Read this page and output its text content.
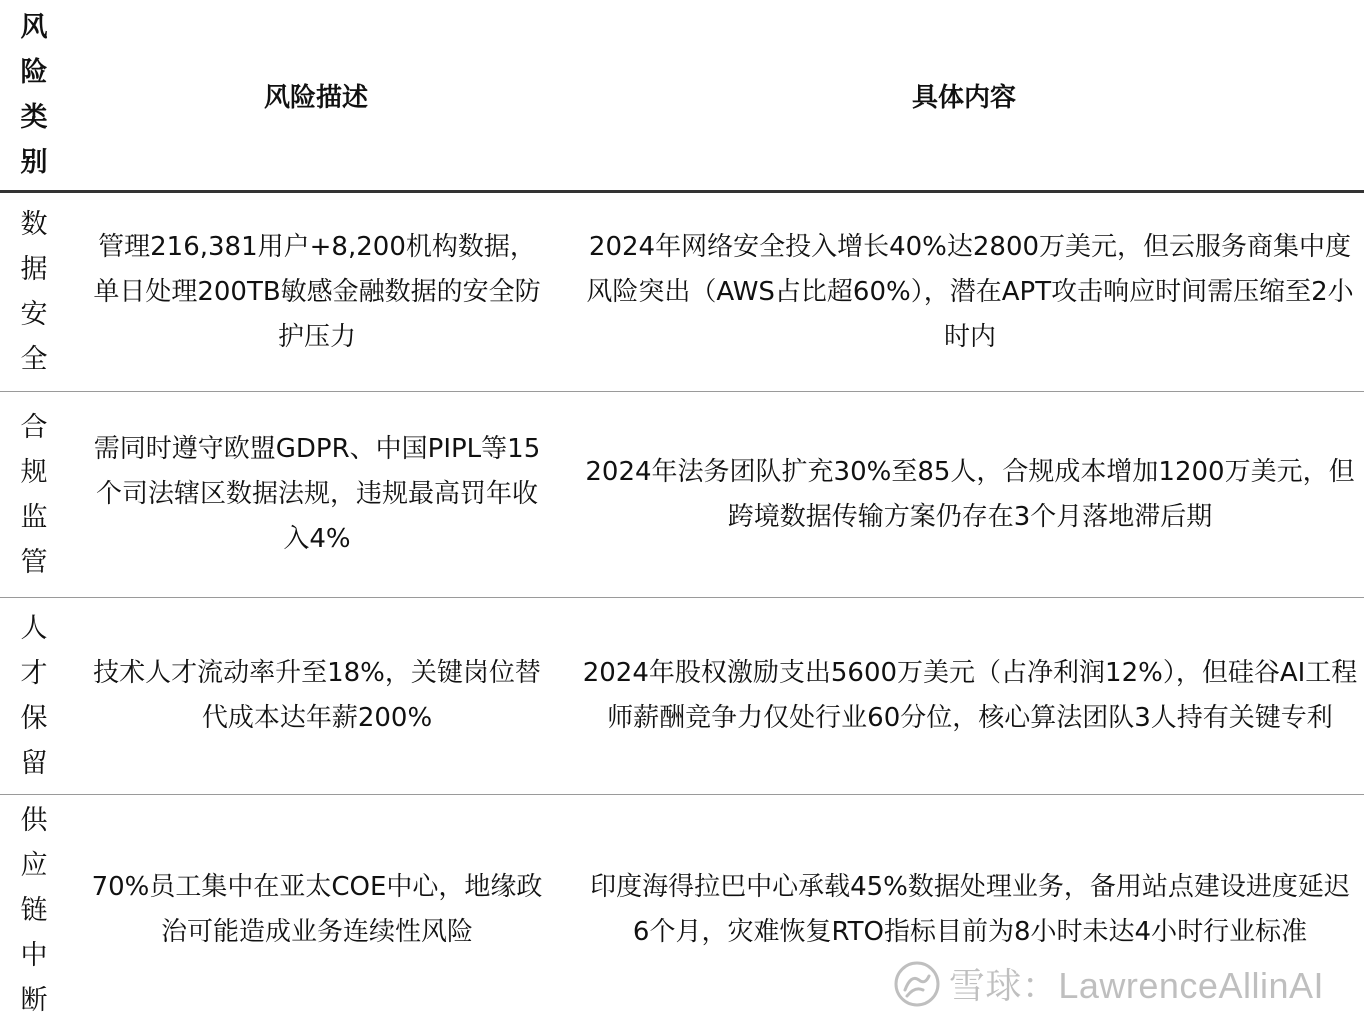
风险类别	风险描述	具体内容

数据安全	管理216,381用户+8,200机构数据，单日处理200TB敏感金融数据的安全防护压力	2024年网络安全投入增长40%达2800万美元，但云服务商集中度风险突出（AWS占比超60%），潜在APT攻击响应时间需压缩至2小时内

合规监管	需同时遵守欧盟GDPR、中国PIPL等15个司法辖区数据法规，违规最高罚年收入4%	2024年法务团队扩充30%至85人，合规成本增加1200万美元，但跨境数据传输方案仍存在3个月落地滞后期

人才保留	技术人才流动率升至18%，关键岗位替代成本达年薪200%	2024年股权激励支出5600万美元（占净利润12%），但硅谷AI工程师薪酬竞争力仅处行业60分位，核心算法团队3人持有关键专利

供应链中断	70%员工集中在亚太COE中心，地缘政治可能造成业务连续性风险	印度海得拉巴中心承载45%数据处理业务，备用站点建设进度延迟6个月，灾难恢复RTO指标目前为8小时未达4小时行业标准
雪球：LawrenceAllinAI
